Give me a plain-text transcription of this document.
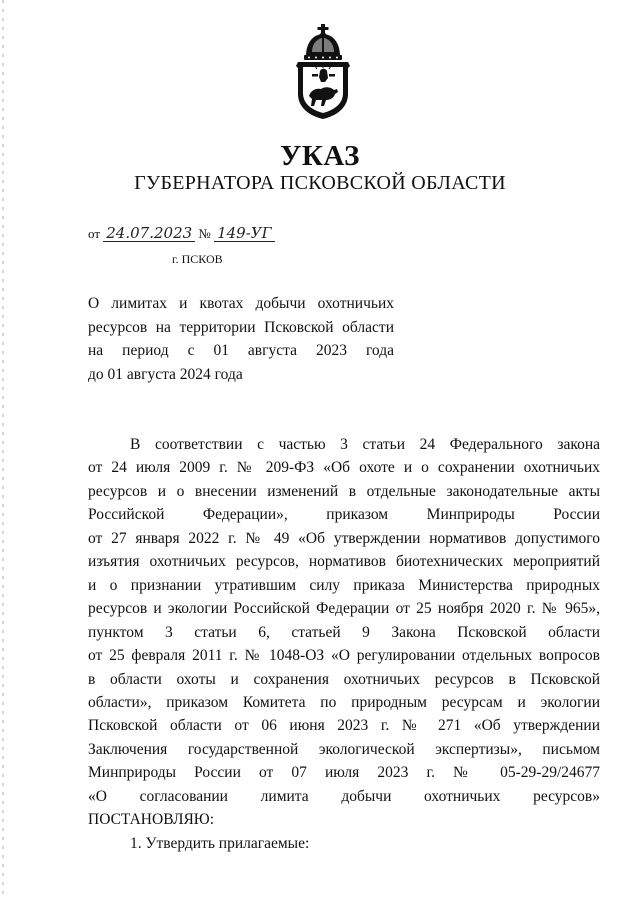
УКАЗ
ГУБЕРНАТОРА ПСКОВСКОЙ ОБЛАСТИ
от 24.07.2023 № 149-УГ
г. ПСКОВ
О лимитах и квотах добычи охотничьих
ресурсов на территории Псковской области
на период с 01 августа 2023 года
до 01 августа 2024 года
В соответствии с частью 3 статьи 24 Федерального закона
от 24 июля 2009 г. № 209-ФЗ «Об охоте и о сохранении охотничьих
ресурсов и о внесении изменений в отдельные законодательные акты
Российской Федерации», приказом Минприроды России
от 27 января 2022 г. № 49 «Об утверждении нормативов допустимого
изъятия охотничьих ресурсов, нормативов биотехнических мероприятий
и о признании утратившим силу приказа Министерства природных
ресурсов и экологии Российской Федерации от 25 ноября 2020 г. № 965»,
пунктом 3 статьи 6, статьей 9 Закона Псковской области
от 25 февраля 2011 г. № 1048-ОЗ «О регулировании отдельных вопросов
в области охоты и сохранения охотничьих ресурсов в Псковской
области», приказом Комитета по природным ресурсам и экологии
Псковской области от 06 июня 2023 г. № 271 «Об утверждении
Заключения государственной экологической экспертизы», письмом
Минприроды России от 07 июля 2023 г. № 05-29-29/24677
«О согласовании лимита добычи охотничьих ресурсов»
ПОСТАНОВЛЯЮ:
1. Утвердить прилагаемые:
